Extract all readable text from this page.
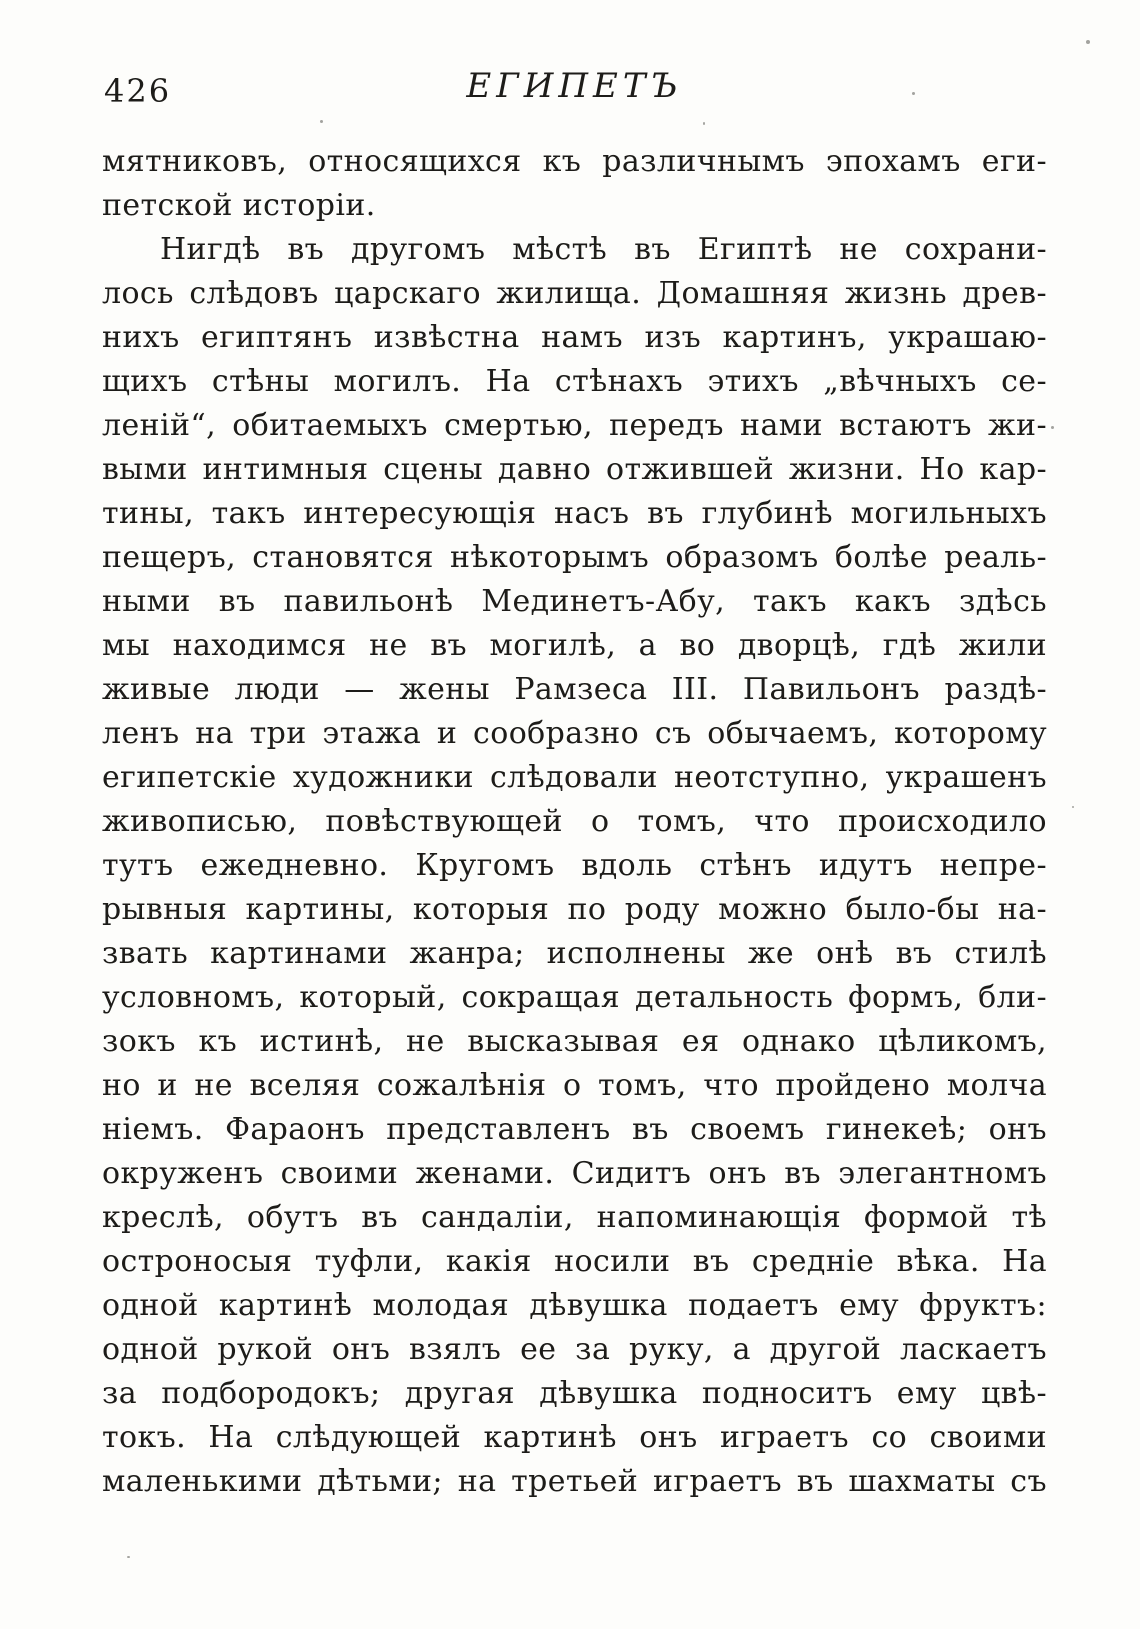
426	ЕГИПЕТЪ
мятниковъ, относящихся къ различнымъ эпохамъ еги-
петской исторіи.
Нигдѣ въ другомъ мѣстѣ въ Египтѣ не сохрани-
лось слѣдовъ царскаго жилища. Домашняя жизнь древ-
нихъ египтянъ извѣстна намъ изъ картинъ, украшаю-
щихъ стѣны могилъ. На стѣнахъ этихъ „вѣчныхъ се-
леній“, обитаемыхъ смертью, передъ нами встаютъ жи-
выми интимныя сцены давно отжившей жизни. Но кар-
тины, такъ интересующія насъ въ глубинѣ могильныхъ
пещеръ, становятся нѣкоторымъ образомъ болѣе реаль-
ными въ павильонѣ Мединетъ-Абу, такъ какъ здѣсь
мы находимся не въ могилѣ, а во дворцѣ, гдѣ жили
живые люди — жены Рамзеса III. Павильонъ раздѣ-
ленъ на три этажа и сообразно съ обычаемъ, которому
египетскіе художники слѣдовали неотступно, украшенъ
живописью, повѣствующей о томъ, что происходило
тутъ ежедневно. Кругомъ вдоль стѣнъ идутъ непре-
рывныя картины, которыя по роду можно было-бы на-
звать картинами жанра; исполнены же онѣ въ стилѣ
условномъ, который, сокращая детальность формъ, бли-
зокъ къ истинѣ, не высказывая ея однако цѣликомъ,
но и не вселяя сожалѣнія о томъ, что пройдено молча
ніемъ. Фараонъ представленъ въ своемъ гинекеѣ; онъ
окруженъ своими женами. Сидитъ онъ въ элегантномъ
креслѣ, обутъ въ сандаліи, напоминающія формой тѣ
остроносыя туфли, какія носили въ средніе вѣка. На
одной картинѣ молодая дѣвушка подаетъ ему фруктъ:
одной рукой онъ взялъ ее за руку, а другой ласкаетъ
за подбородокъ; другая дѣвушка подноситъ ему цвѣ-
токъ. На слѣдующей картинѣ онъ играетъ со своими
маленькими дѣтьми; на третьей играетъ въ шахматы съ
